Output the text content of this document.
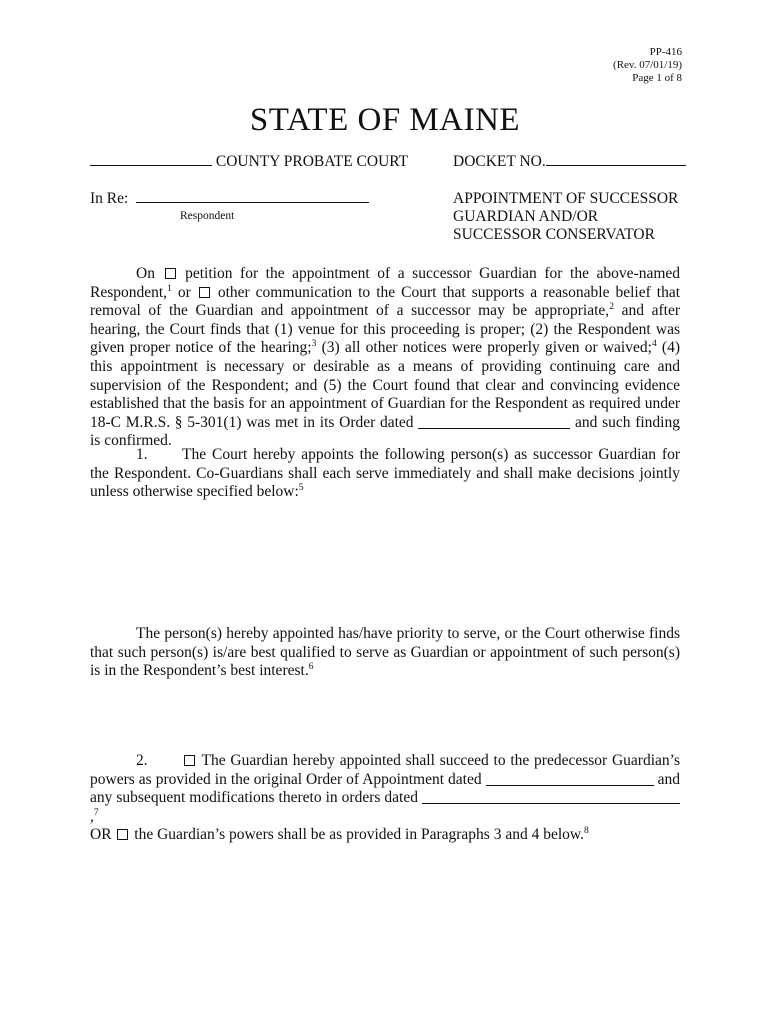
PP-416
(Rev. 07/01/19)
Page 1 of 8
STATE OF MAINE
COUNTY PROBATE COURT	DOCKET NO.
In Re:
Respondent
APPOINTMENT OF SUCCESSOR
GUARDIAN AND/OR
SUCCESSOR CONSERVATOR
On petition for the appointment of a successor Guardian for the above-named Respondent,$^1$ or other communication to the Court that supports a reasonable belief that removal of the Guardian and appointment of a successor may be appropriate,$^2$ and after hearing, the Court finds that (1) venue for this proceeding is proper; (2) the Respondent was given proper notice of the hearing;$^3$ (3) all other notices were properly given or waived;$^4$ (4) this appointment is necessary or desirable as a means of providing continuing care and supervision of the Respondent; and (5) the Court found that clear and convincing evidence established that the basis for an appointment of Guardian for the Respondent as required under 18-C M.R.S. § 5-301(1) was met in its Order dated	and such finding is confirmed.
1. The Court hereby appoints the following person(s) as successor Guardian for the Respondent. Co-Guardians shall each serve immediately and shall make decisions jointly unless otherwise specified below:$^5$
The person(s) hereby appointed has/have priority to serve, or the Court otherwise finds that such person(s) is/are best qualified to serve as Guardian or appointment of such person(s) is in the Respondent’s best interest.$^6$
2.	The Guardian hereby appointed shall succeed to the predecessor Guardian’s powers as provided in the original Order of Appointment dated	and any subsequent modifications thereto in orders dated ,$^7$
OR the Guardian’s powers shall be as provided in Paragraphs 3 and 4 below.$^8$
